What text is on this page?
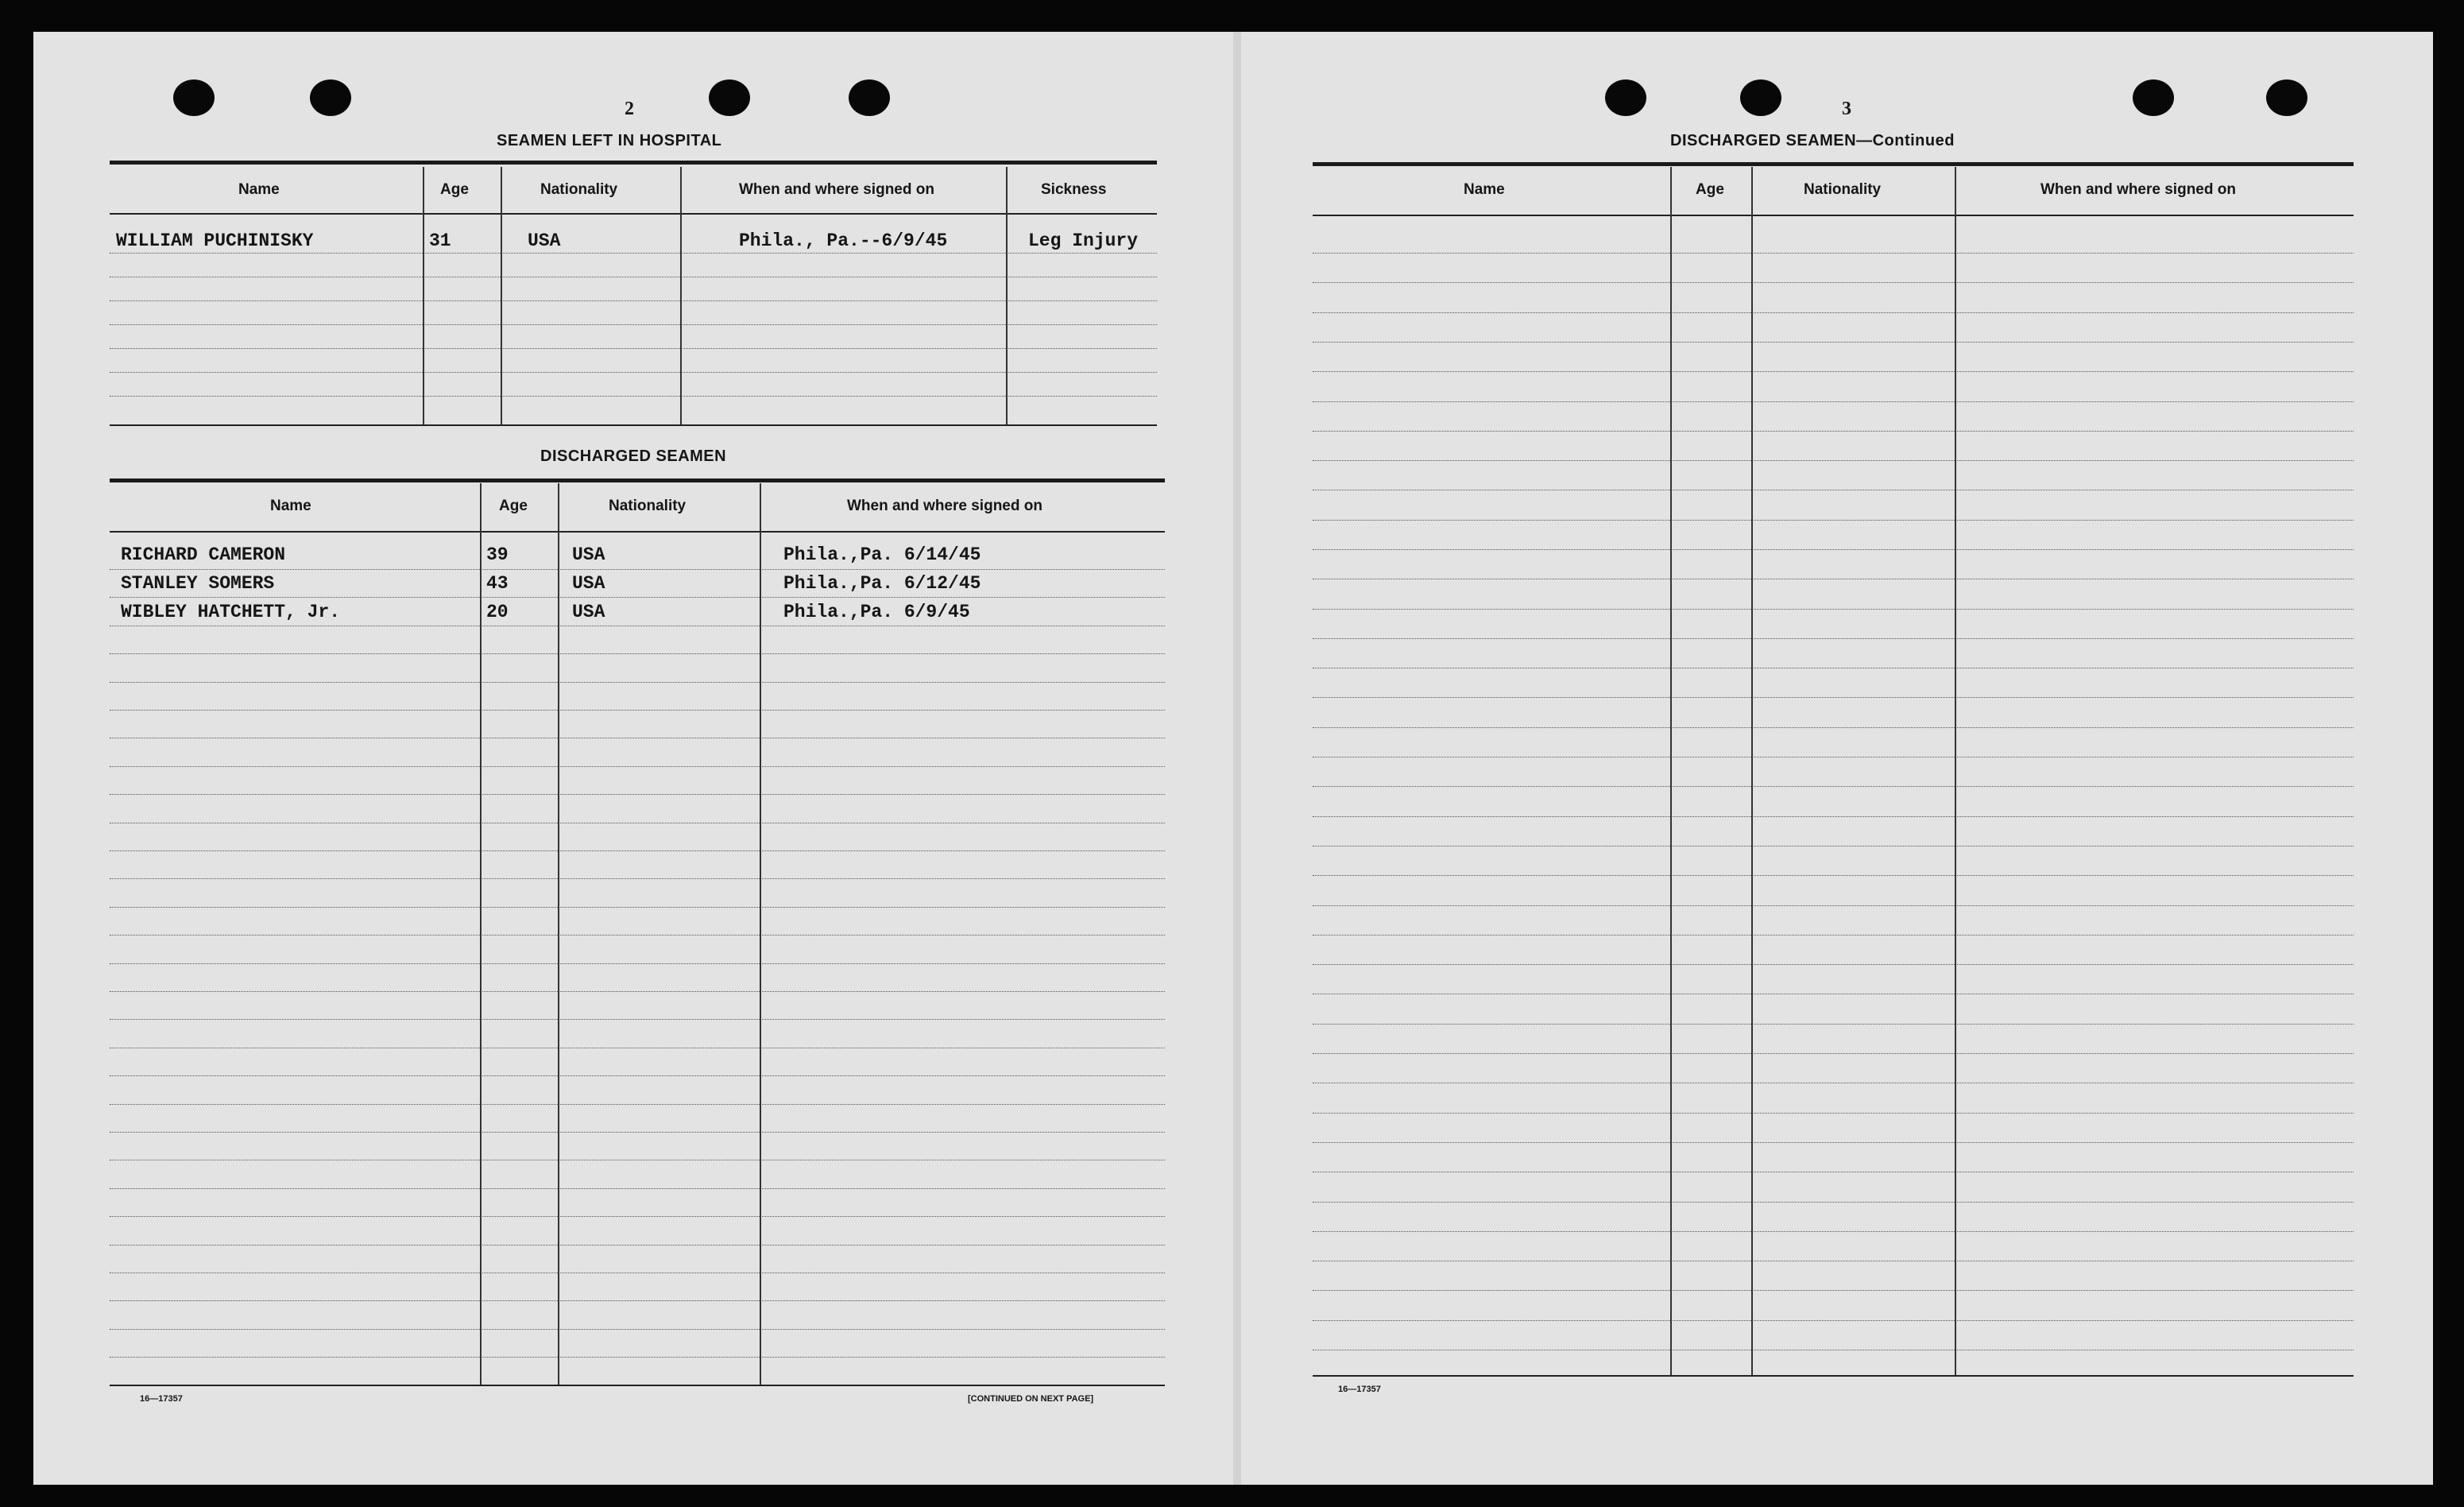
2
SEAMEN LEFT IN HOSPITAL
Name	Age	Nationality	When and where signed on	Sickness
WILLIAM PUCHINISKY	31	USA	Phila., Pa.--6/9/45	Leg Injury
DISCHARGED SEAMEN
Name	Age	Nationality	When and where signed on
RICHARD CAMERON	39	USA	Phila.,Pa. 6/14/45
STANLEY SOMERS	43	USA	Phila.,Pa. 6/12/45
WIBLEY HATCHETT, Jr.	20	USA	Phila.,Pa. 6/9/45
16—17357	[CONTINUED ON NEXT PAGE]
3
DISCHARGED SEAMEN—Continued
Name	Age	Nationality	When and where signed on
16—17357
